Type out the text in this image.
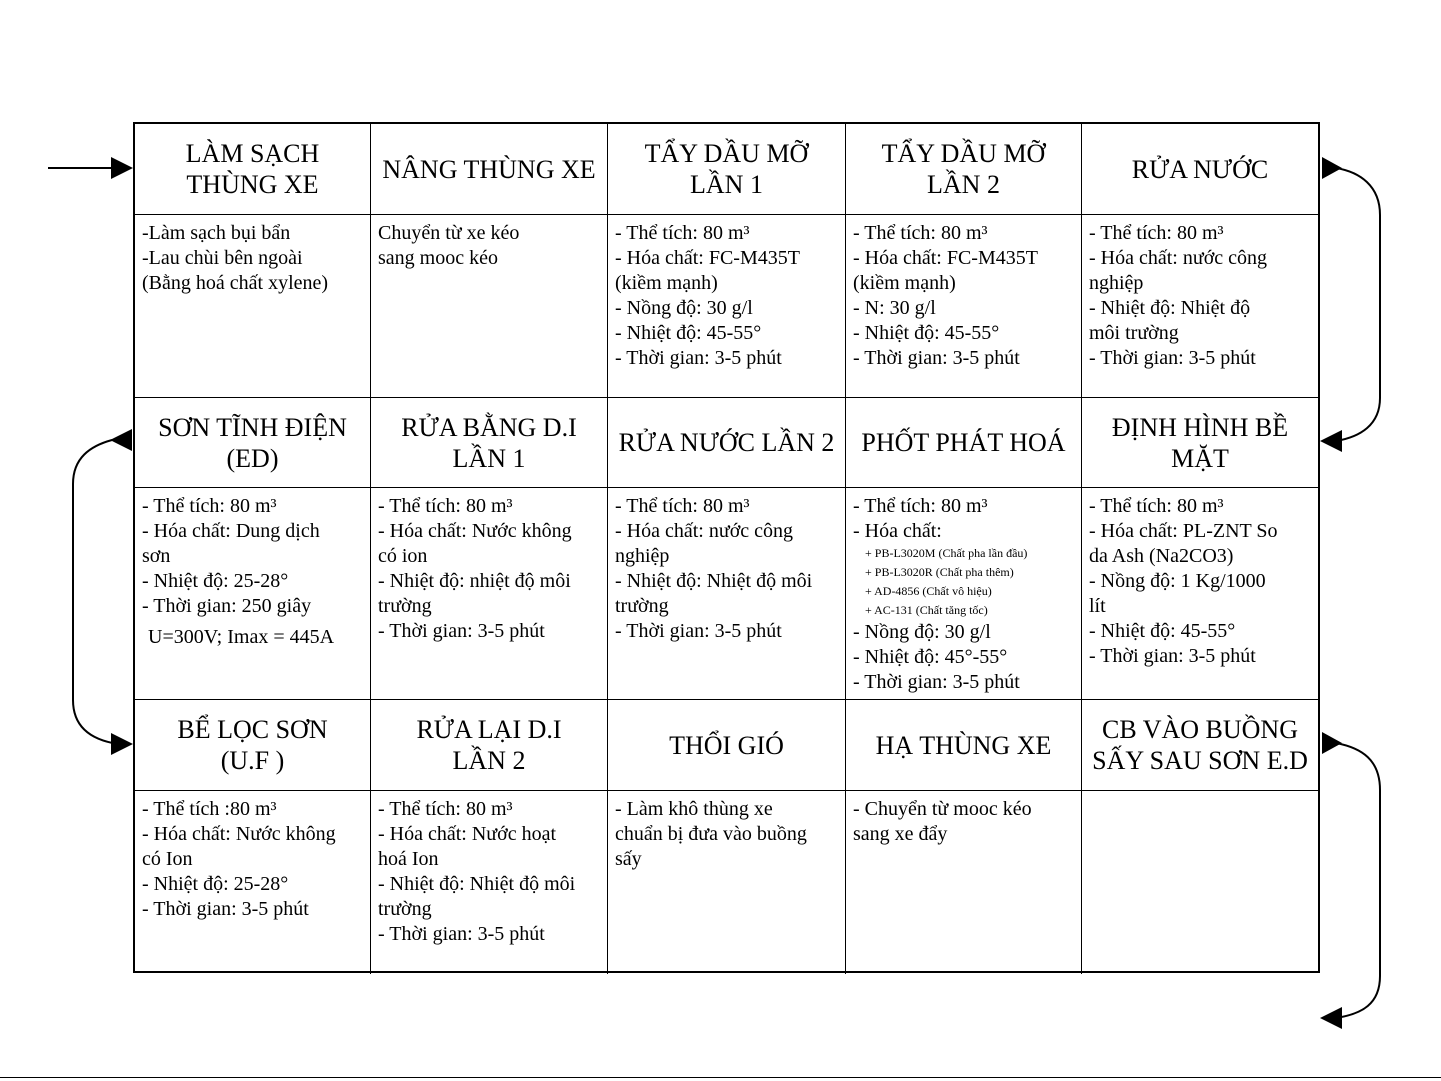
LÀM SẠCH
THÙNG XE
NÂNG THÙNG XE
TẨY DẦU MỠ
LẦN 1
TẨY DẦU MỠ
LẦN 2
RỬA NƯỚC
-Làm sạch bụi bẩn
-Lau chùi bên ngoài
(Bằng hoá chất xylene)
Chuyển từ xe kéo
sang mooc kéo
- Thể tích: 80 m³
- Hóa chất: FC-M435T
(kiềm mạnh)
- Nồng độ: 30 g/l
- Nhiệt độ: 45-55°
- Thời gian: 3-5 phút
- Thể tích: 80 m³
- Hóa chất: FC-M435T
(kiềm mạnh)
- N: 30 g/l
- Nhiệt độ: 45-55°
- Thời gian: 3-5 phút
- Thể tích: 80 m³
- Hóa chất: nước công
nghiệp
- Nhiệt độ: Nhiệt độ
môi trường
- Thời gian: 3-5 phút
SƠN TĨNH ĐIỆN
(ED)
RỬA BẰNG D.I
LẦN 1
RỬA NƯỚC LẦN 2	PHỐT PHÁT HOÁ
ĐỊNH HÌNH BỀ
MẶT
- Thể tích: 80 m³
- Hóa chất: Dung dịch
sơn
- Nhiệt độ: 25-28°
- Thời gian: 250 giây
U=300V; Imax = 445A
- Thể tích: 80 m³
- Hóa chất: Nước không
có ion
- Nhiệt độ: nhiệt độ môi
trường
- Thời gian: 3-5 phút
- Thể tích: 80 m³
- Hóa chất: nước công
nghiệp
- Nhiệt độ: Nhiệt độ môi
trường
- Thời gian: 3-5 phút
- Thể tích: 80 m³
- Hóa chất:
+ PB-L3020M (Chất pha lần đầu)
+ PB-L3020R (Chất pha thêm)
+ AD-4856 (Chất vô hiệu)
+ AC-131 (Chất tăng tốc)
- Nồng độ: 30 g/l
- Nhiệt độ: 45°-55°
- Thời gian: 3-5 phút
- Thể tích: 80 m³
- Hóa chất: PL-ZNT So
da Ash (Na2CO3)
- Nồng độ: 1 Kg/1000
lít
- Nhiệt độ: 45-55°
- Thời gian: 3-5 phút
BỂ LỌC SƠN
(U.F )
RỬA LẠI D.I
LẦN 2
THỔI GIÓ	HẠ THÙNG XE
CB VÀO BUỒNG
SẤY SAU SƠN E.D
- Thể tích :80 m³
- Hóa chất: Nước không
có Ion
- Nhiệt độ: 25-28°
- Thời gian: 3-5 phút
- Thể tích: 80 m³
- Hóa chất: Nước hoạt
hoá Ion
- Nhiệt độ: Nhiệt độ môi
trường
- Thời gian: 3-5 phút
- Làm khô thùng xe
chuẩn bị đưa vào buồng
sấy
- Chuyển từ mooc kéo
sang xe đẩy
